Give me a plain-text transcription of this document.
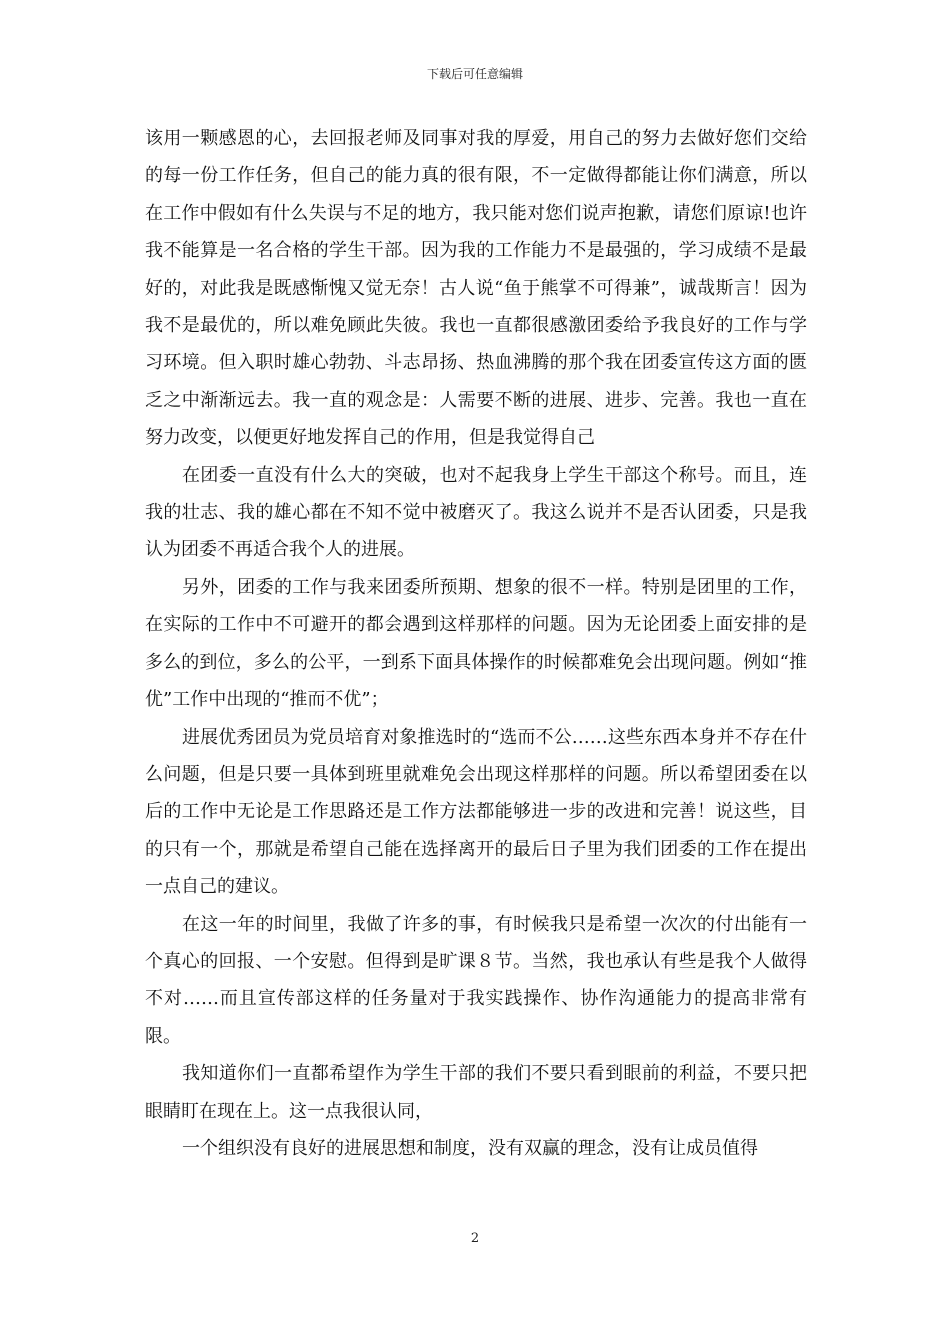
下载后可任意编辑

该用一颗感恩的心，去回报老师及同事对我的厚爱，用自己的努力去做好您们交给的每一份工作任务，但自己的能力真的很有限，不一定做得都能让你们满意，所以在工作中假如有什么失误与不足的地方，我只能对您们说声抱歉，请您们原谅!也许我不能算是一名合格的学生干部。因为我的工作能力不是最强的，学习成绩不是最好的，对此我是既感惭愧又觉无奈！古人说“鱼于熊掌不可得兼”，诚哉斯言！因为我不是最优的，所以难免顾此失彼。我也一直都很感激团委给予我良好的工作与学习环境。但入职时雄心勃勃、斗志昂扬、热血沸腾的那个我在团委宣传这方面的匮乏之中渐渐远去。我一直的观念是：人需要不断的进展、进步、完善。我也一直在努力改变，以便更好地发挥自己的作用，但是我觉得自己

在团委一直没有什么大的突破，也对不起我身上学生干部这个称号。而且，连我的壮志、我的雄心都在不知不觉中被磨灭了。我这么说并不是否认团委，只是我认为团委不再适合我个人的进展。

另外，团委的工作与我来团委所预期、想象的很不一样。特别是团里的工作，在实际的工作中不可避开的都会遇到这样那样的问题。因为无论团委上面安排的是多么的到位，多么的公平，一到系下面具体操作的时候都难免会出现问题。例如“推优”工作中出现的“推而不优”；

进展优秀团员为党员培育对象推选时的“选而不公……这些东西本身并不存在什么问题，但是只要一具体到班里就难免会出现这样那样的问题。所以希望团委在以后的工作中无论是工作思路还是工作方法都能够进一步的改进和完善！说这些，目的只有一个，那就是希望自己能在选择离开的最后日子里为我们团委的工作在提出一点自己的建议。

在这一年的时间里，我做了许多的事，有时候我只是希望一次次的付出能有一个真心的回报、一个安慰。但得到是旷课８节。当然，我也承认有些是我个人做得不对……而且宣传部这样的任务量对于我实践操作、协作沟通能力的提高非常有限。

我知道你们一直都希望作为学生干部的我们不要只看到眼前的利益，不要只把眼睛盯在现在上。这一点我很认同，

一个组织没有良好的进展思想和制度，没有双赢的理念，没有让成员值得

2
